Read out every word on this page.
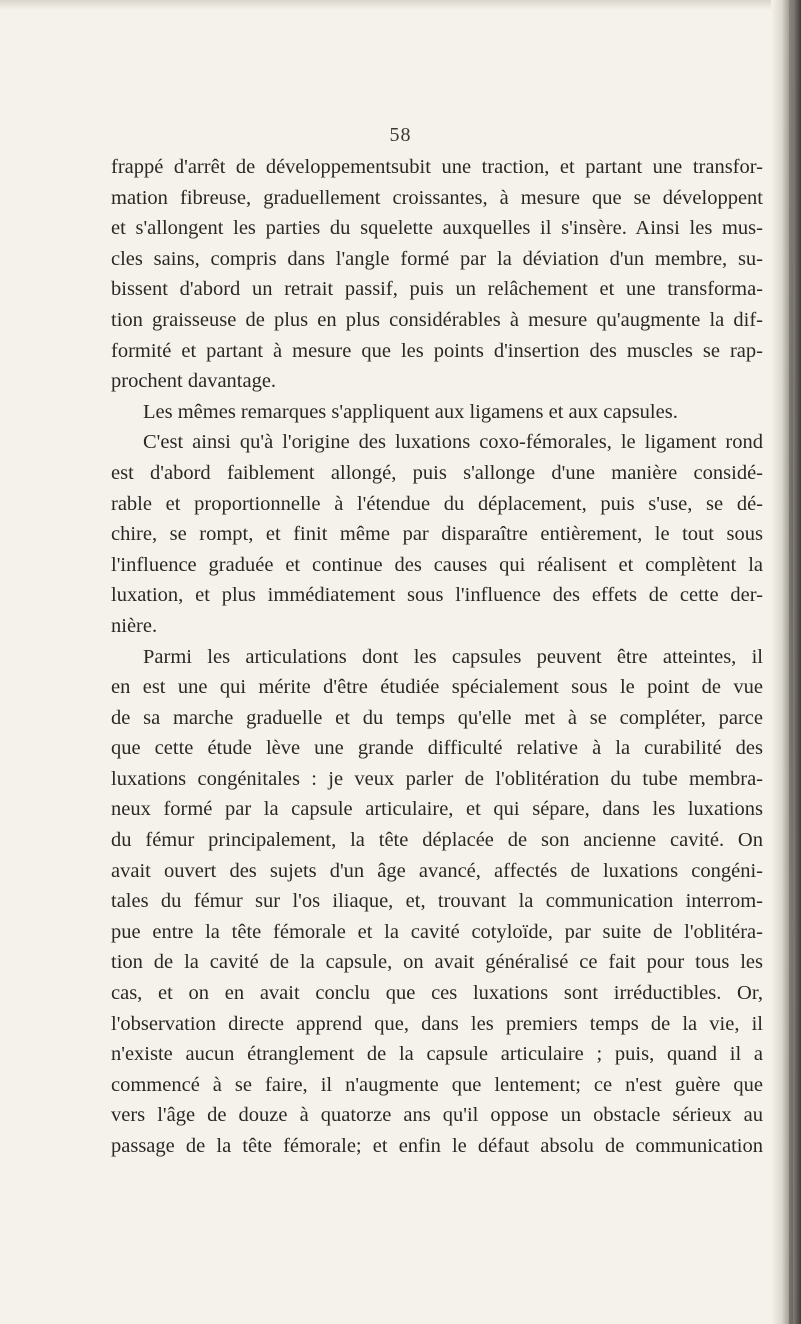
58
frappé d'arrêt de développementsubit une traction, et partant une transfor-
mation fibreuse, graduellement croissantes, à mesure que se développent
et s'allongent les parties du squelette auxquelles il s'insère. Ainsi les mus-
cles sains, compris dans l'angle formé par la déviation d'un membre, su-
bissent d'abord un retrait passif, puis un relâchement et une transforma-
tion graisseuse de plus en plus considérables à mesure qu'augmente la dif-
formité et partant à mesure que les points d'insertion des muscles se rap-
prochent davantage.
Les mêmes remarques s'appliquent aux ligamens et aux capsules.
C'est ainsi qu'à l'origine des luxations coxo-fémorales, le ligament rond
est d'abord faiblement allongé, puis s'allonge d'une manière considé-
rable et proportionnelle à l'étendue du déplacement, puis s'use, se dé-
chire, se rompt, et finit même par disparaître entièrement, le tout sous
l'influence graduée et continue des causes qui réalisent et complètent la
luxation, et plus immédiatement sous l'influence des effets de cette der-
nière.
Parmi les articulations dont les capsules peuvent être atteintes, il
en est une qui mérite d'être étudiée spécialement sous le point de vue
de sa marche graduelle et du temps qu'elle met à se compléter, parce
que cette étude lève une grande difficulté relative à la curabilité des
luxations congénitales : je veux parler de l'oblitération du tube membra-
neux formé par la capsule articulaire, et qui sépare, dans les luxations
du fémur principalement, la tête déplacée de son ancienne cavité. On
avait ouvert des sujets d'un âge avancé, affectés de luxations congéni-
tales du fémur sur l'os iliaque, et, trouvant la communication interrom-
pue entre la tête fémorale et la cavité cotyloïde, par suite de l'oblitéra-
tion de la cavité de la capsule, on avait généralisé ce fait pour tous les
cas, et on en avait conclu que ces luxations sont irréductibles. Or,
l'observation directe apprend que, dans les premiers temps de la vie, il
n'existe aucun étranglement de la capsule articulaire ; puis, quand il a
commencé à se faire, il n'augmente que lentement; ce n'est guère que
vers l'âge de douze à quatorze ans qu'il oppose un obstacle sérieux au
passage de la tête fémorale; et enfin le défaut absolu de communication
